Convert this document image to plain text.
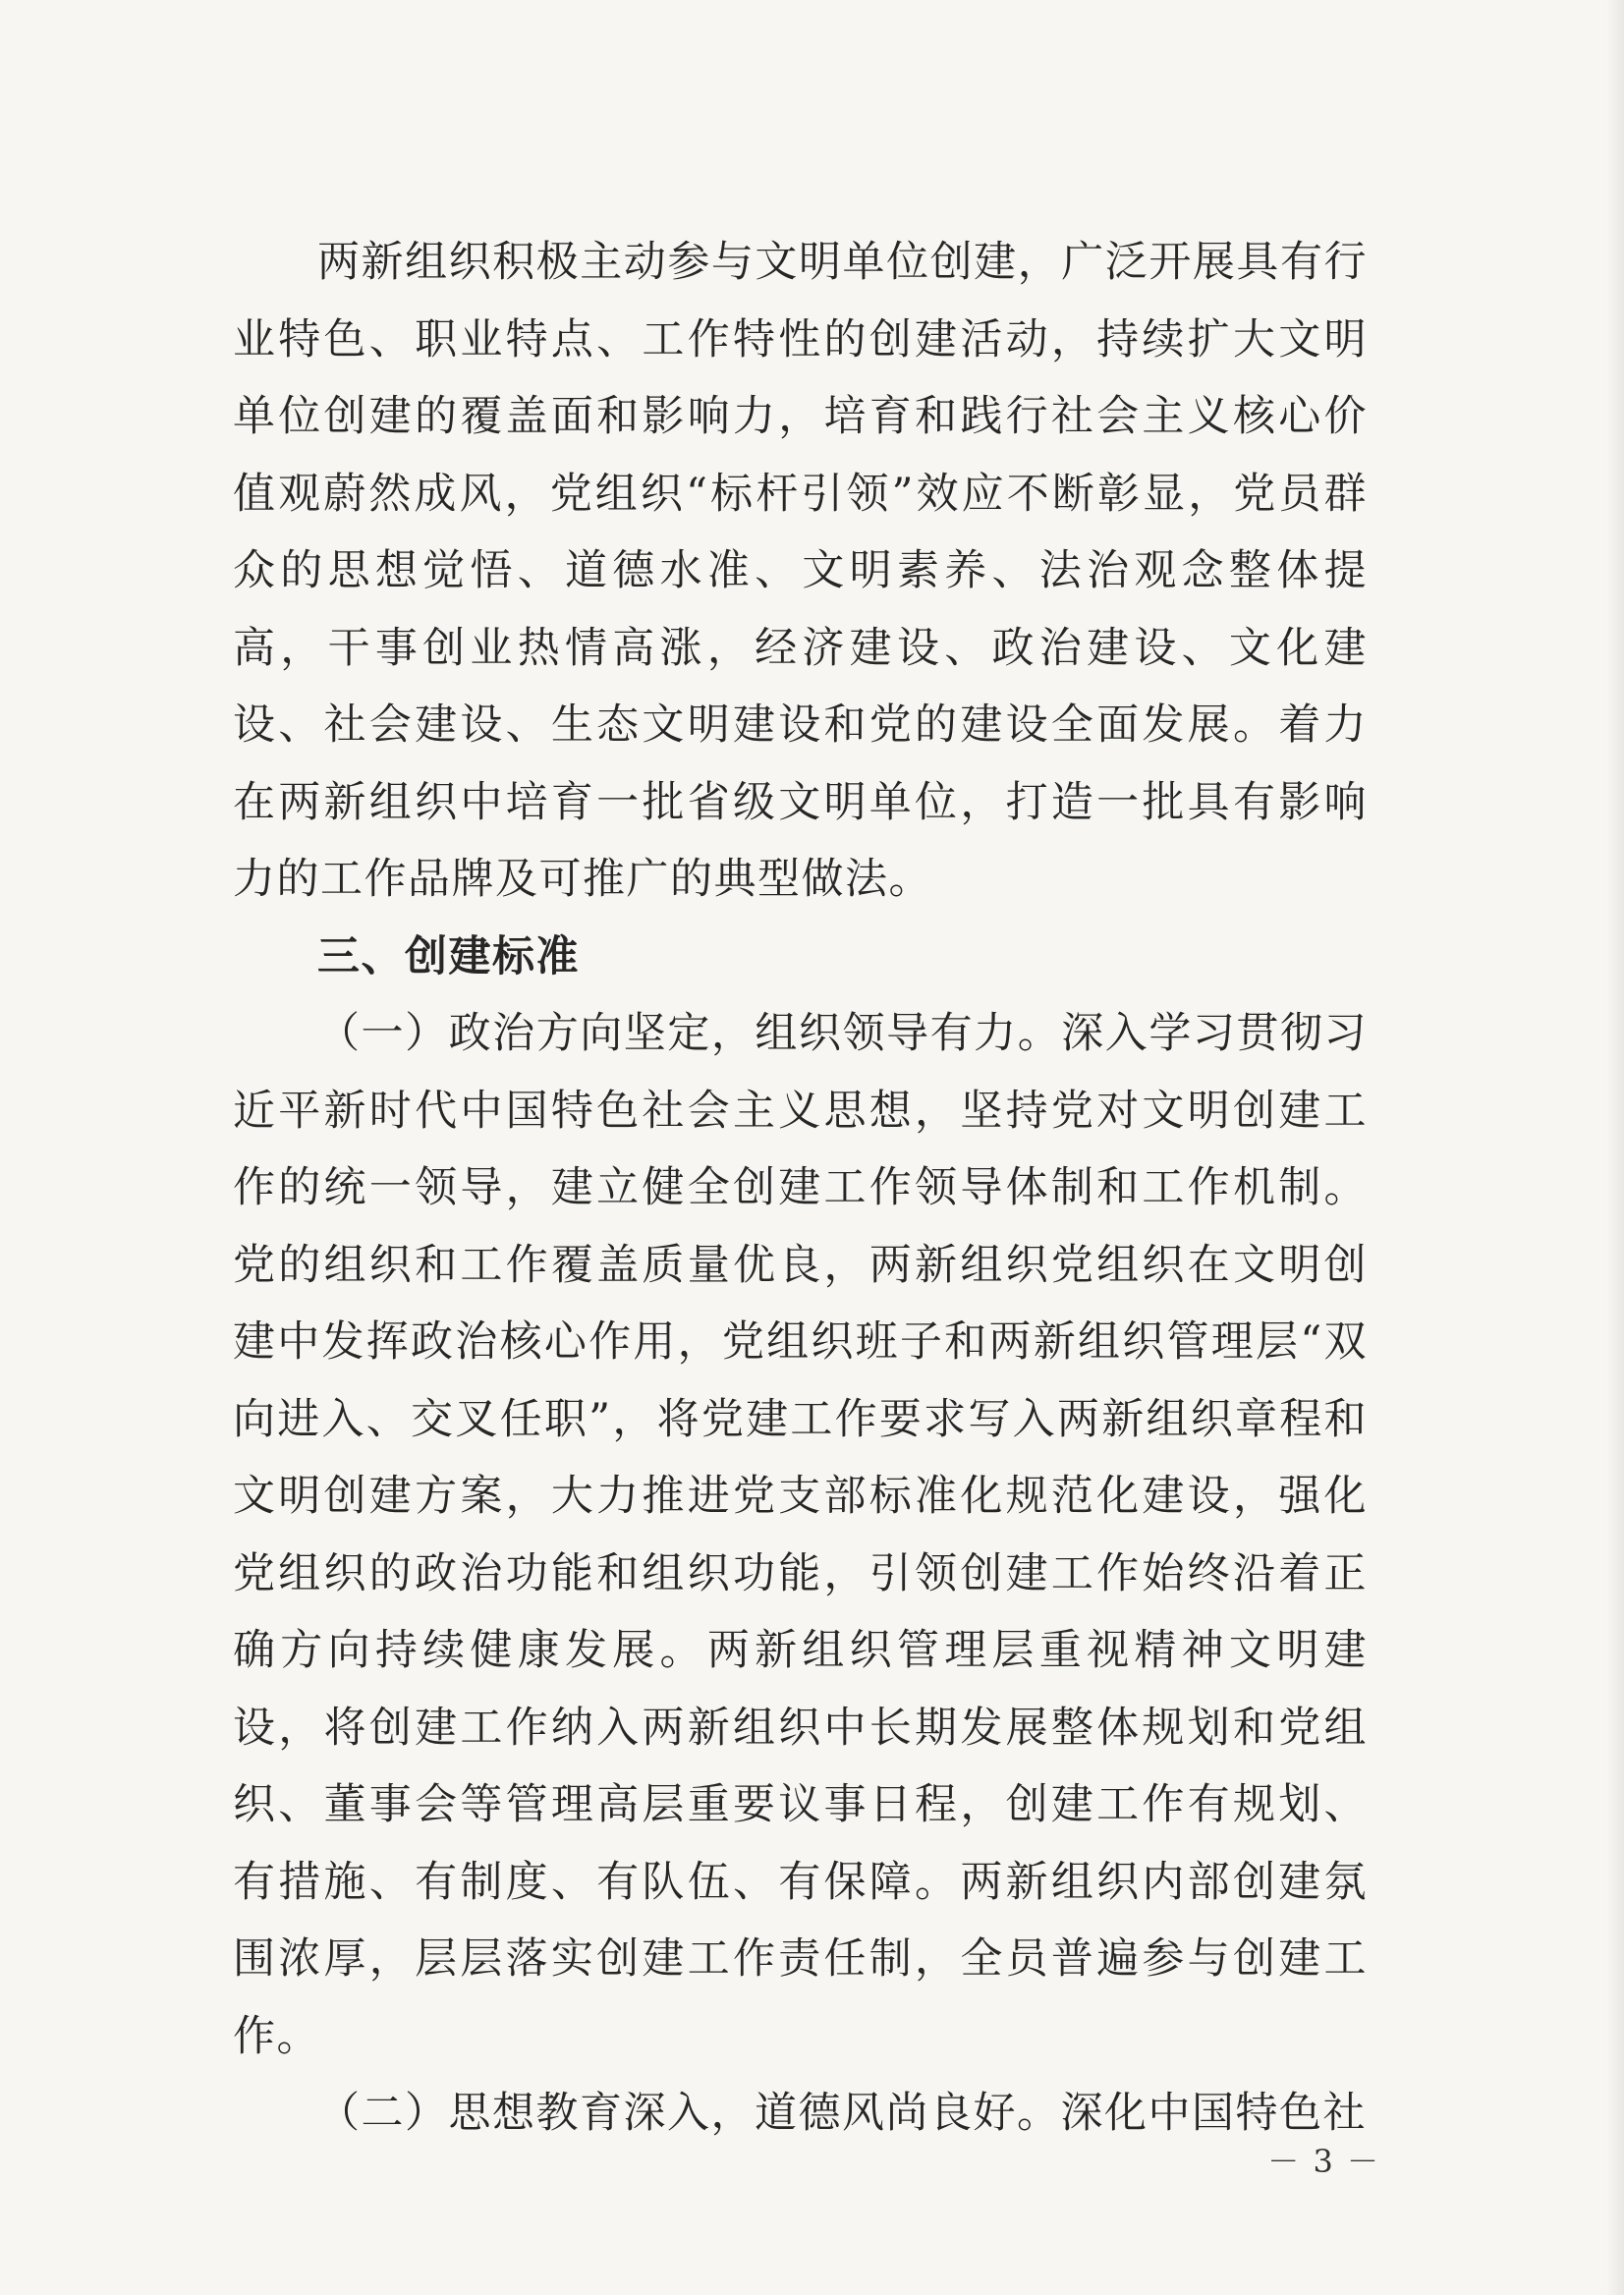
两新组织积极主动参与文明单位创建，广泛开展具有行业特色、职业特点、工作特性的创建活动，持续扩大文明单位创建的覆盖面和影响力，培育和践行社会主义核心价值观蔚然成风，党组织“标杆引领”效应不断彰显，党员群众的思想觉悟、道德水准、文明素养、法治观念整体提高，干事创业热情高涨，经济建设、政治建设、文化建设、社会建设、生态文明建设和党的建设全面发展。着力在两新组织中培育一批省级文明单位，打造一批具有影响力的工作品牌及可推广的典型做法。

三、创建标准

（一）政治方向坚定，组织领导有力。深入学习贯彻习近平新时代中国特色社会主义思想，坚持党对文明创建工作的统一领导，建立健全创建工作领导体制和工作机制。党的组织和工作覆盖质量优良，两新组织党组织在文明创建中发挥政治核心作用，党组织班子和两新组织管理层“双向进入、交叉任职”，将党建工作要求写入两新组织章程和文明创建方案，大力推进党支部标准化规范化建设，强化党组织的政治功能和组织功能，引领创建工作始终沿着正确方向持续健康发展。两新组织管理层重视精神文明建设，将创建工作纳入两新组织中长期发展整体规划和党组织、董事会等管理高层重要议事日程，创建工作有规划、有措施、有制度、有队伍、有保障。两新组织内部创建氛围浓厚，层层落实创建工作责任制，全员普遍参与创建工作。

（二）思想教育深入，道德风尚良好。深化中国特色社

－ 3 －
